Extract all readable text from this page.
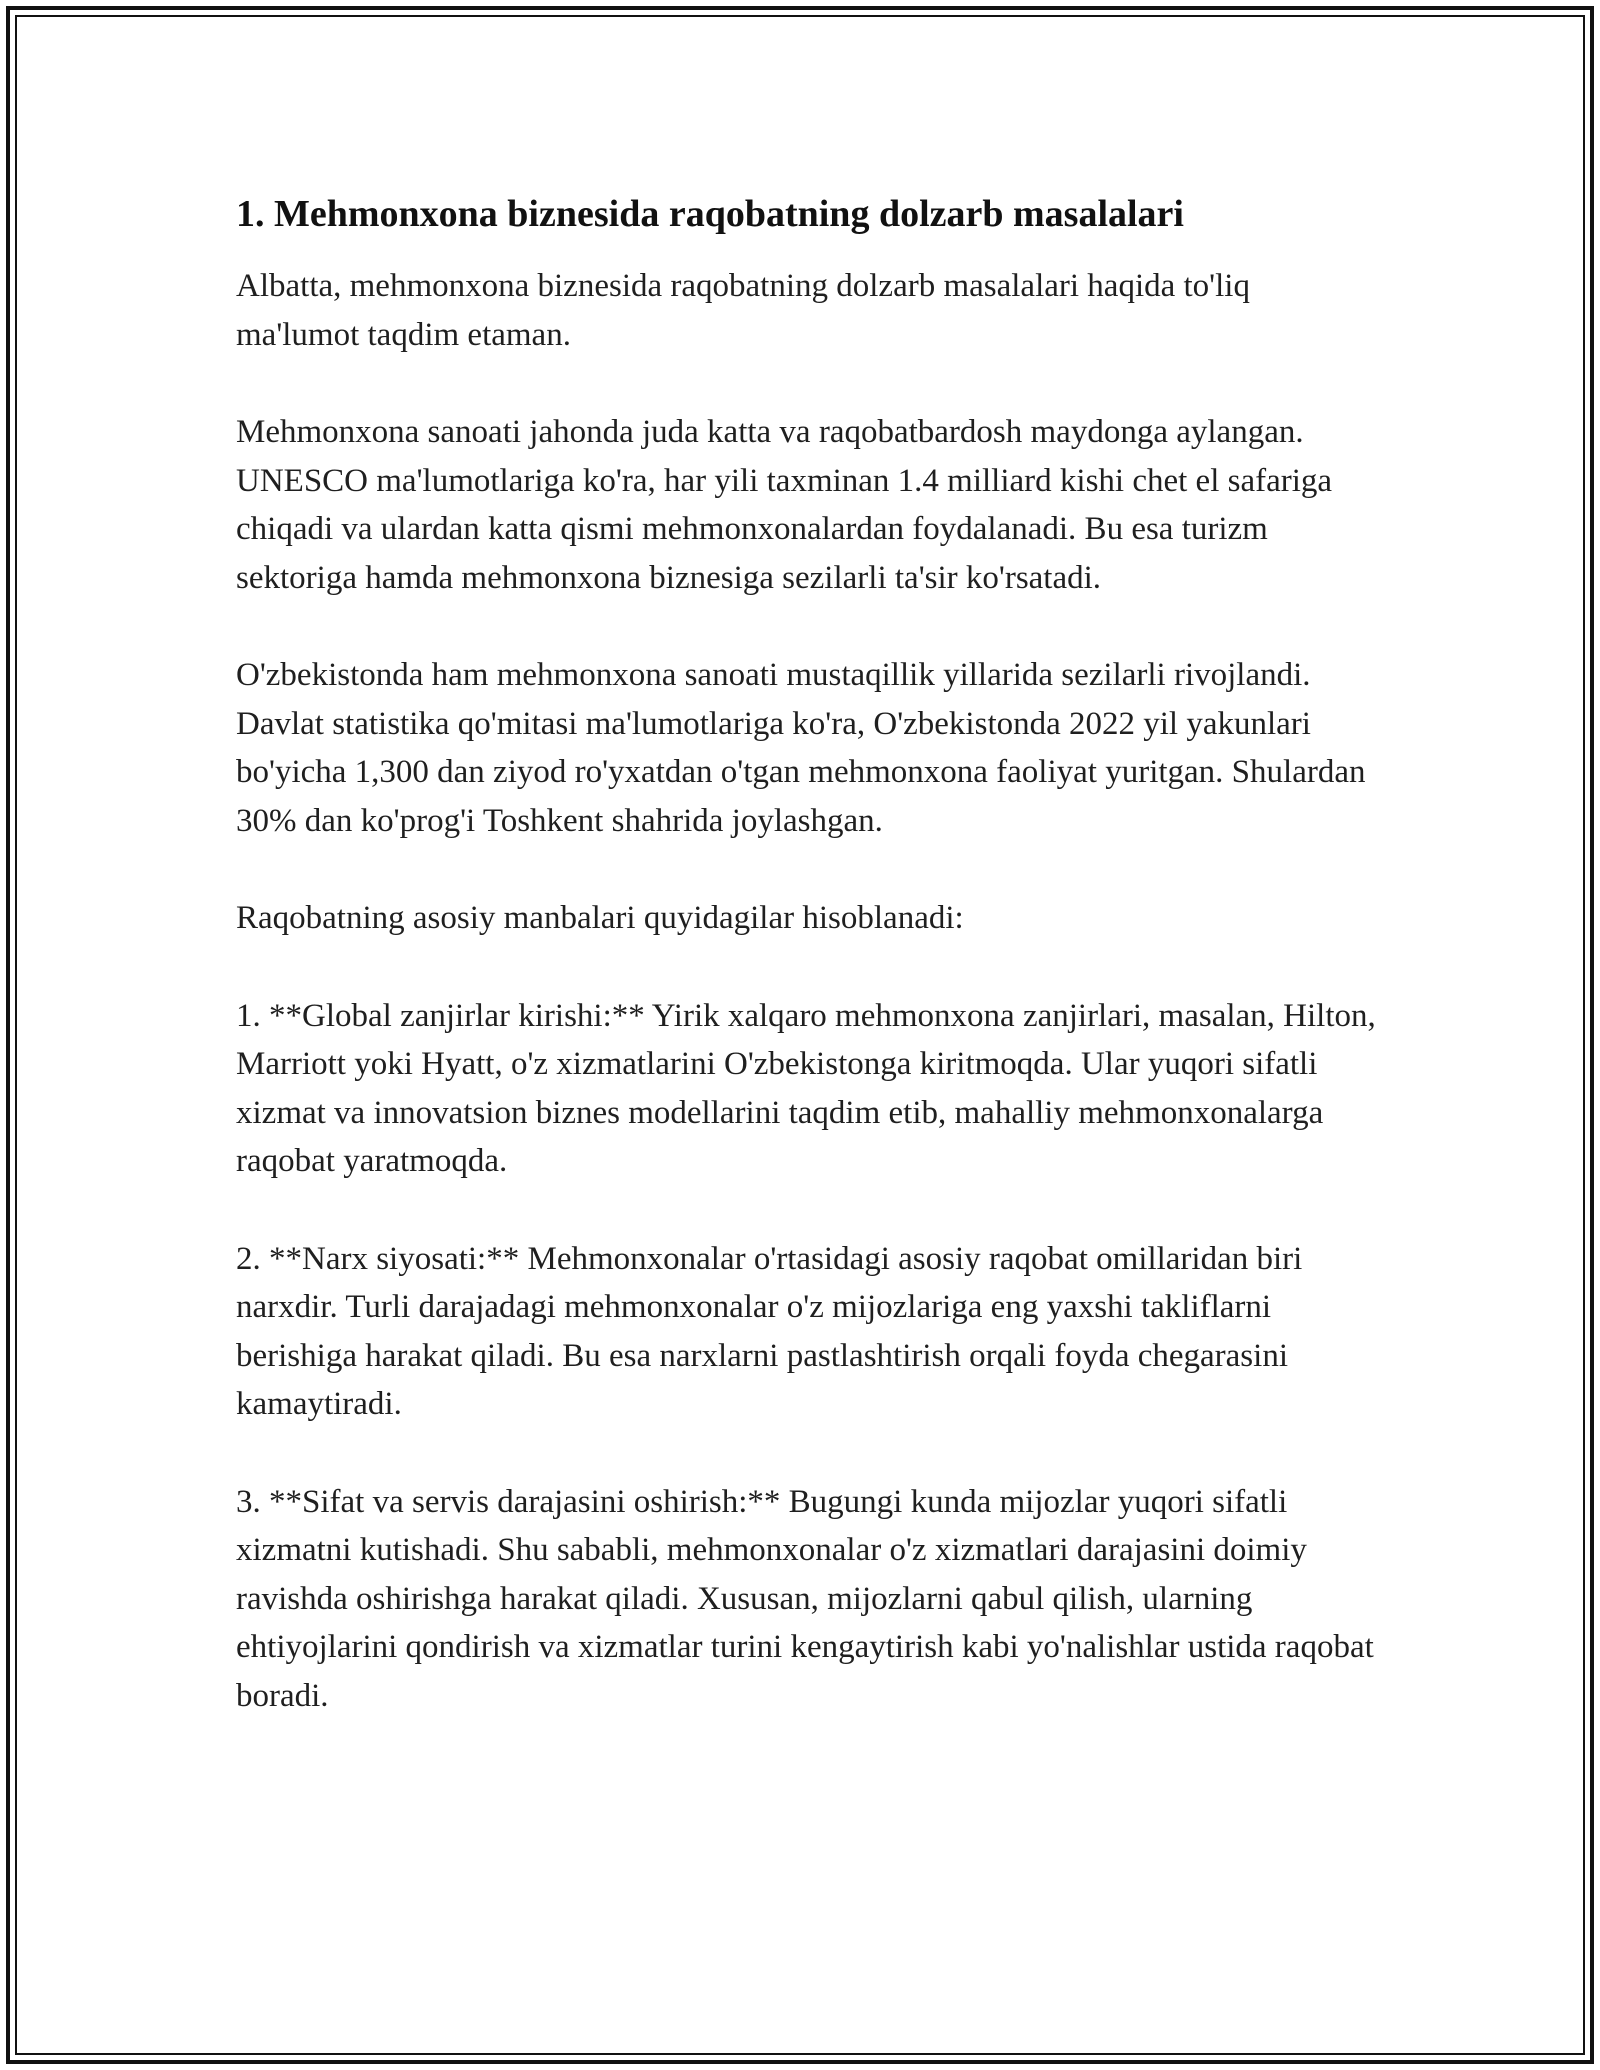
1. Mehmonxona biznesida raqobatning dolzarb masalalari

Albatta, mehmonxona biznesida raqobatning dolzarb masalalari haqida to'liq ma'lumot taqdim etaman.

Mehmonxona sanoati jahonda juda katta va raqobatbardosh maydonga aylangan. UNESCO ma'lumotlariga ko'ra, har yili taxminan 1.4 milliard kishi chet el safariga chiqadi va ulardan katta qismi mehmonxonalardan foydalanadi. Bu esa turizm sektoriga hamda mehmonxona biznesiga sezilarli ta'sir ko'rsatadi.

O'zbekistonda ham mehmonxona sanoati mustaqillik yillarida sezilarli rivojlandi. Davlat statistika qo'mitasi ma'lumotlariga ko'ra, O'zbekistonda 2022 yil yakunlari bo'yicha 1,300 dan ziyod ro'yxatdan o'tgan mehmonxona faoliyat yuritgan. Shulardan 30% dan ko'prog'i Toshkent shahrida joylashgan.

Raqobatning asosiy manbalari quyidagilar hisoblanadi:

1. **Global zanjirlar kirishi:** Yirik xalqaro mehmonxona zanjirlari, masalan, Hilton, Marriott yoki Hyatt, o'z xizmatlarini O'zbekistonga kiritmoqda. Ular yuqori sifatli xizmat va innovatsion biznes modellarini taqdim etib, mahalliy mehmonxonalarga raqobat yaratmoqda.

2. **Narx siyosati:** Mehmonxonalar o'rtasidagi asosiy raqobat omillaridan biri narxdir. Turli darajadagi mehmonxonalar o'z mijozlariga eng yaxshi takliflarni berishiga harakat qiladi. Bu esa narxlarni pastlashtirish orqali foyda chegarasini kamaytiradi.

3. **Sifat va servis darajasini oshirish:** Bugungi kunda mijozlar yuqori sifatli xizmatni kutishadi. Shu sababli, mehmonxonalar o'z xizmatlari darajasini doimiy ravishda oshirishga harakat qiladi. Xususan, mijozlarni qabul qilish, ularning ehtiyojlarini qondirish va xizmatlar turini kengaytirish kabi yo'nalishlar ustida raqobat boradi.
